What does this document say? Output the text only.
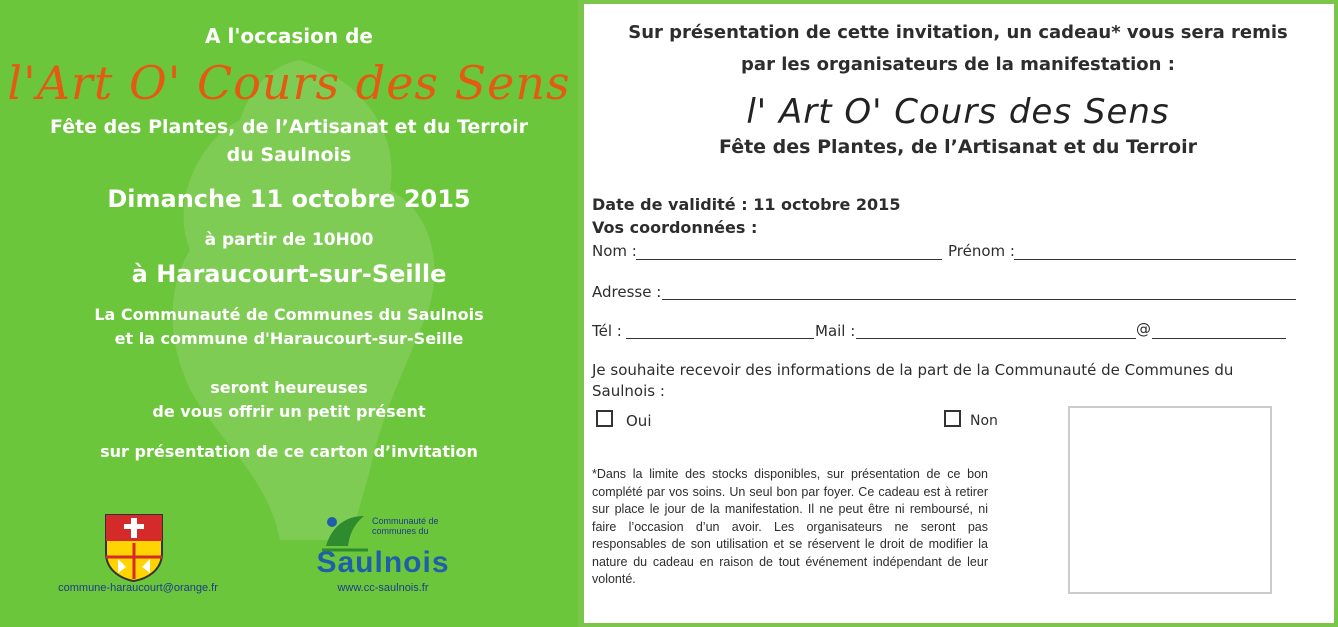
A l'occasion de
l'Art O' Cours des Sens
Fête des Plantes, de l’Artisanat et du Terroir
du Saulnois
Dimanche 11 octobre 2015
à partir de 10H00
à Haraucourt-sur-Seille
La Communauté de Communes du Saulnois
et la commune d'Haraucourt-sur-Seille
seront heureuses
de vous offrir un petit présent
sur présentation de ce carton d’invitation
commune-haraucourt@orange.fr
Communauté de communes du
Saulnois
www.cc-saulnois.fr
Sur présentation de cette invitation, un cadeau* vous sera remis
par les organisateurs de la manifestation :
l' Art O' Cours des Sens
Fête des Plantes, de l’Artisanat et du Terroir
Date de validité : 11 octobre 2015
Vos coordonnées :
Nom :	Prénom :
Adresse :
Tél :	Mail :	@
Je souhaite recevoir des informations de la part de la Communauté de Communes du Saulnois :
Oui	Non
*Dans la limite des stocks disponibles, sur présentation de ce bon complété par vos soins. Un seul bon par foyer. Ce cadeau est à retirer sur place le jour de la manifestation. Il ne peut être ni remboursé, ni faire l’occasion d’un avoir. Les organisateurs ne seront pas responsables de son utilisation et se réservent le droit de modifier la nature du cadeau en raison de tout événement indépendant de leur volonté.
